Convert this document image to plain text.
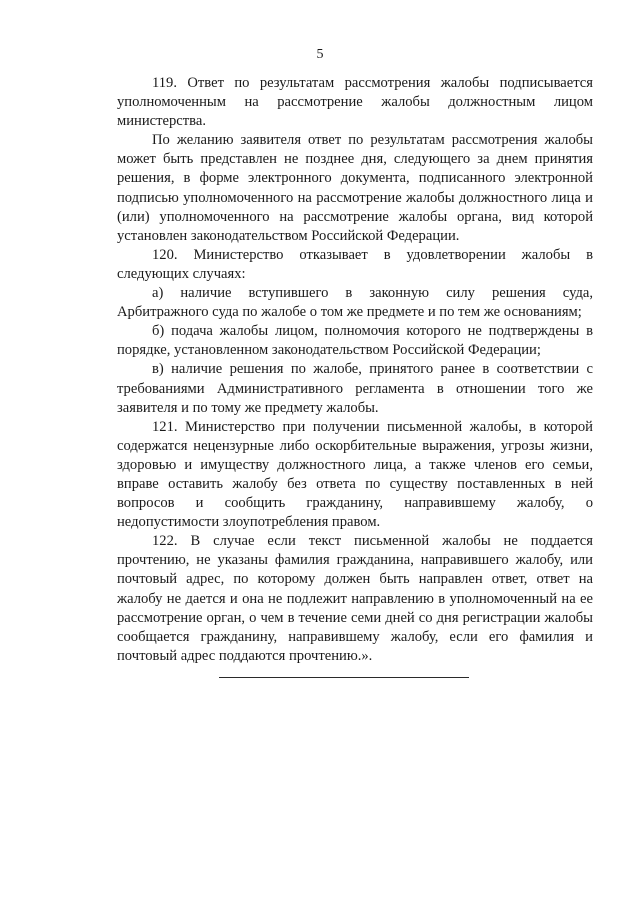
5

119. Ответ по результатам рассмотрения жалобы подписывается уполномоченным на рассмотрение жалобы должностным лицом министерства.

По желанию заявителя ответ по результатам рассмотрения жалобы может быть представлен не позднее дня, следующего за днем принятия решения, в форме электронного документа, подписанного электронной подписью уполномоченного на рассмотрение жалобы должностного лица и (или) уполномоченного на рассмотрение жалобы органа, вид которой установлен законодательством Российской Федерации.

120. Министерство отказывает в удовлетворении жалобы в следующих случаях:

а) наличие вступившего в законную силу решения суда, Арбитражного суда по жалобе о том же предмете и по тем же основаниям;

б) подача жалобы лицом, полномочия которого не подтверждены в порядке, установленном законодательством Российской Федерации;

в) наличие решения по жалобе, принятого ранее в соответствии с требованиями Административного регламента в отношении того же заявителя и по тому же предмету жалобы.

121. Министерство при получении письменной жалобы, в которой содержатся нецензурные либо оскорбительные выражения, угрозы жизни, здоровью и имуществу должностного лица, а также членов его семьи, вправе оставить жалобу без ответа по существу поставленных в ней вопросов и сообщить гражданину, направившему жалобу, о недопустимости злоупотребления правом.

122. В случае если текст письменной жалобы не поддается прочтению, не указаны фамилия гражданина, направившего жалобу, или почтовый адрес, по которому должен быть направлен ответ, ответ на жалобу не дается и она не подлежит направлению в уполномоченный на ее рассмотрение орган, о чем в течение семи дней со дня регистрации жалобы сообщается гражданину, направившему жалобу, если его фамилия и почтовый адрес поддаются прочтению.».
